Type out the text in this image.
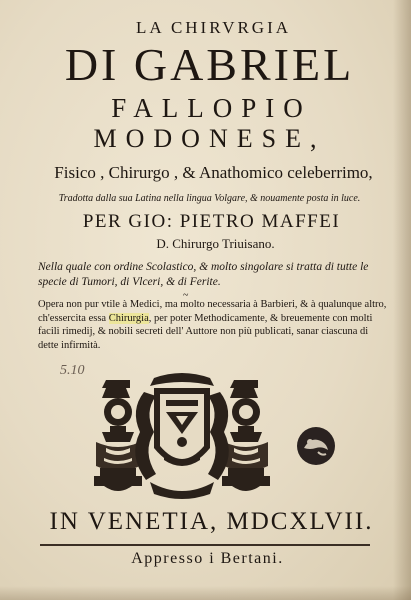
LA CHIRVRGIA
DI GABRIEL
FALLOPIO
MODONESE,
Fisico , Chirurgo , & Anathomico celeberrimo,
Tradotta dalla sua Latina nella lingua Volgare, & nouamente posta in luce.
PER GIO: PIETRO MAFFEI
D. Chirurgo Triuisano.
Nella quale con ordine Scolastico, & molto singolare si tratta di tutte le specie di Tumori, di Vlceri, & di Ferite.
~
Opera non pur vtile à Medici, ma molto necessaria à Barbieri, & à qualunque altro, ch'essercita essa Chirurgia, per poter Methodicamente, & breuemente con molti facili rimedij, & nobili secreti dell' Auttore non più publicati, sanar ciascuna di dette infirmità.
5.10
IN VENETIA, MDCXLVII.
Appresso i Bertani.
